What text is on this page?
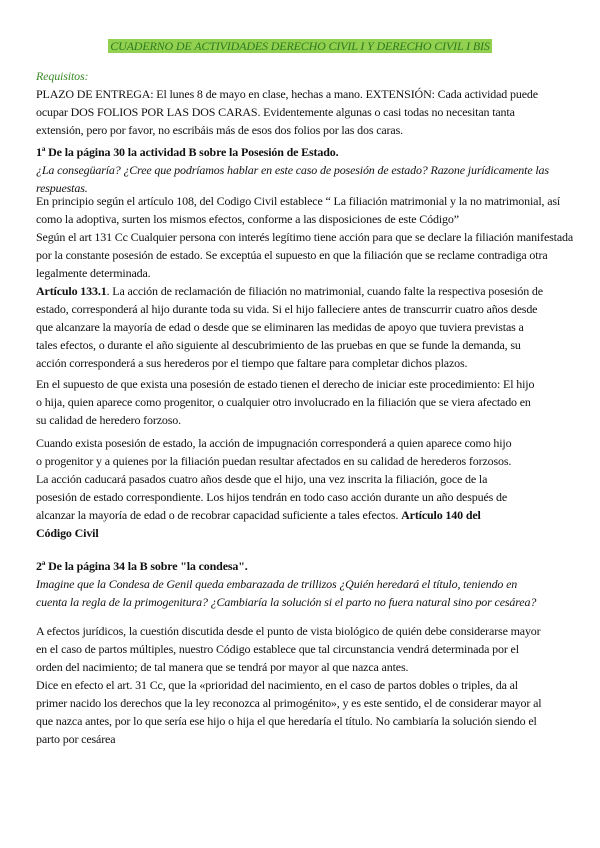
CUADERNO DE ACTIVIDADES DERECHO CIVIL I Y DERECHO CIVIL I BIS

Requisitos:

PLAZO DE ENTREGA: El lunes 8 de mayo en clase, hechas a mano. EXTENSIÓN: Cada actividad puede

ocupar DOS FOLIOS POR LAS DOS CARAS. Evidentemente algunas o casi todas no necesitan tanta

extensión, pero por favor, no escribáis más de esos dos folios por las dos caras.

1ª De la página 30 la actividad B sobre la Posesión de Estado.

¿La consegüaría? ¿Cree que podríamos hablar en este caso de posesión de estado? Razone jurídicamente las

respuestas.

En principio según el artículo 108, del Codigo Civil establece “ La filiación matrimonial y la no matrimonial, así

como la adoptiva, surten los mismos efectos, conforme a las disposiciones de este Código”

Según el art 131 Cc Cualquier persona con interés legítimo tiene acción para que se declare la filiación manifestada

por la constante posesión de estado. Se exceptúa el supuesto en que la filiación que se reclame contradiga otra

legalmente determinada.

Artículo 133.1. La acción de reclamación de filiación no matrimonial, cuando falte la respectiva posesión de

estado, corresponderá al hijo durante toda su vida. Si el hijo falleciere antes de transcurrir cuatro años desde

que alcanzare la mayoría de edad o desde que se eliminaren las medidas de apoyo que tuviera previstas a

tales efectos, o durante el año siguiente al descubrimiento de las pruebas en que se funde la demanda, su

acción corresponderá a sus herederos por el tiempo que faltare para completar dichos plazos.

En el supuesto de que exista una posesión de estado tienen el derecho de iniciar este procedimiento: El hijo

o hija, quien aparece como progenitor, o cualquier otro involucrado en la filiación que se viera afectado en

su calidad de heredero forzoso.

Cuando exista posesión de estado, la acción de impugnación corresponderá a quien aparece como hijo

o progenitor y a quienes por la filiación puedan resultar afectados en su calidad de herederos forzosos.

La acción caducará pasados cuatro años desde que el hijo, una vez inscrita la filiación, goce de la

posesión de estado correspondiente. Los hijos tendrán en todo caso acción durante un año después de

alcanzar la mayoría de edad o de recobrar capacidad suficiente a tales efectos. Artículo 140 del

Código Civil

2ª De la página 34 la B sobre "la condesa".

Imagine que la Condesa de Genil queda embarazada de trillizos ¿Quién heredará el título, teniendo en

cuenta la regla de la primogenitura? ¿Cambiaría la solución si el parto no fuera natural sino por cesárea?

A efectos jurídicos, la cuestión discutida desde el punto de vista biológico de quién debe considerarse mayor

en el caso de partos múltiples, nuestro Código establece que tal circunstancia vendrá determinada por el

orden del nacimiento; de tal manera que se tendrá por mayor al que nazca antes.

Dice en efecto el art. 31 Cc, que la «prioridad del nacimiento, en el caso de partos dobles o triples, da al

primer nacido los derechos que la ley reconozca al primogénito», y es este sentido, el de considerar mayor al

que nazca antes, por lo que sería ese hijo o hija el que heredaría el título. No cambiaría la solución siendo el

parto por cesárea
